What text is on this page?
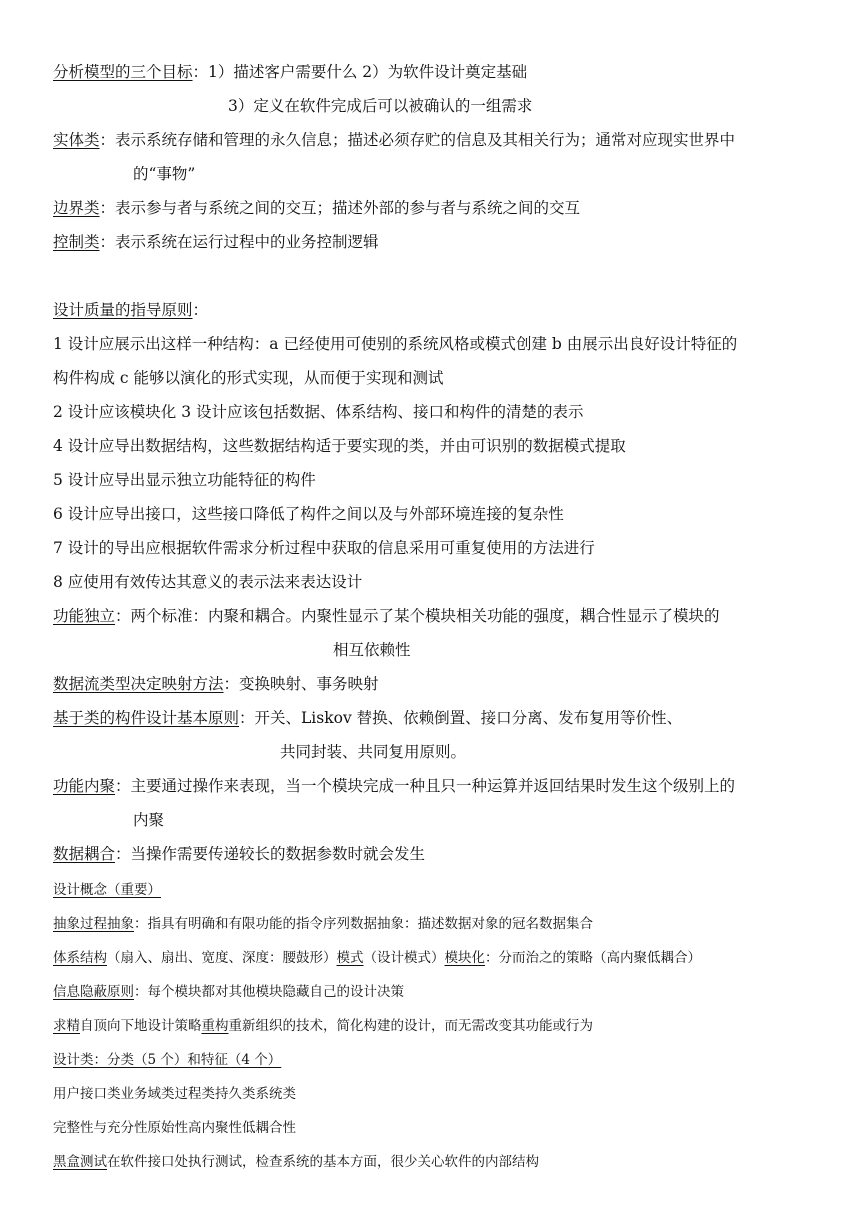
分析模型的三个目标：1）描述客户需要什么 2）为软件设计奠定基础
3）定义在软件完成后可以被确认的一组需求
实体类：表示系统存储和管理的永久信息；描述必须存贮的信息及其相关行为；通常对应现实世界中
的“事物”
边界类：表示参与者与系统之间的交互；描述外部的参与者与系统之间的交互
控制类：表示系统在运行过程中的业务控制逻辑
设计质量的指导原则：
1 设计应展示出这样一种结构：a 已经使用可使别的系统风格或模式创建 b 由展示出良好设计特征的
构件构成 c 能够以演化的形式实现，从而便于实现和测试
2 设计应该模块化 3 设计应该包括数据、体系结构、接口和构件的清楚的表示
4 设计应导出数据结构，这些数据结构适于要实现的类，并由可识别的数据模式提取
5 设计应导出显示独立功能特征的构件
6 设计应导出接口，这些接口降低了构件之间以及与外部环境连接的复杂性
7 设计的导出应根据软件需求分析过程中获取的信息采用可重复使用的方法进行
8 应使用有效传达其意义的表示法来表达设计
功能独立：两个标准：内聚和耦合。内聚性显示了某个模块相关功能的强度，耦合性显示了模块的
相互依赖性
数据流类型决定映射方法：变换映射、事务映射
基于类的构件设计基本原则：开关、Liskov 替换、依赖倒置、接口分离、发布复用等价性、
共同封装、共同复用原则。
功能内聚：主要通过操作来表现，当一个模块完成一种且只一种运算并返回结果时发生这个级别上的
内聚
数据耦合：当操作需要传递较长的数据参数时就会发生
设计概念（重要）
抽象过程抽象：指具有明确和有限功能的指令序列数据抽象：描述数据对象的冠名数据集合
体系结构（扇入、扇出、宽度、深度：腰鼓形）模式（设计模式）模块化：分而治之的策略（高内聚低耦合）
信息隐蔽原则：每个模块都对其他模块隐藏自己的设计决策
求精自顶向下地设计策略重构重新组织的技术，简化构建的设计，而无需改变其功能或行为
设计类：分类（5 个）和特征（4 个）
用户接口类业务域类过程类持久类系统类
完整性与充分性原始性高内聚性低耦合性
黑盒测试在软件接口处执行测试，检查系统的基本方面，很少关心软件的内部结构
